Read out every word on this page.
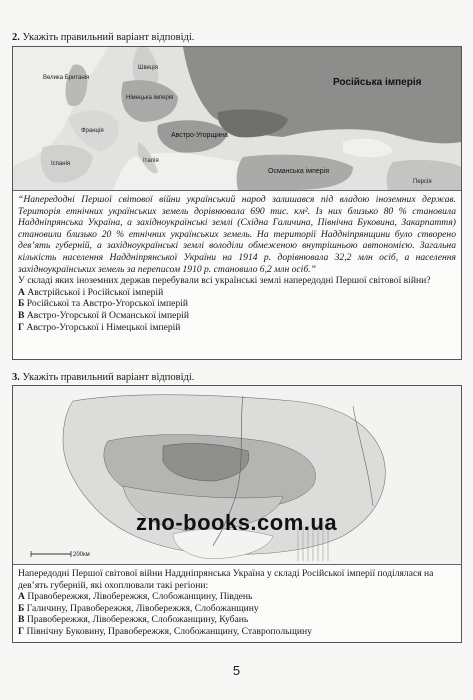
2. Укажіть правильний варіант відповіді.
Швеція
Німецька імперія
Велика Британія
Франція
Іспанія	Італія
Австро-Угорщина
Російська імперія
Османська імперія
Персія
“Напередодні Першої світової війни український народ залишався під владою іноземних держав. Територія етнічних українських земель дорівнювала 690 тис. км². Із них близько 80 % становила Наддніпрянська Україна, а західноукраїнські землі (Східна Галичина, Північна Буковина, Закарпаття) становили близько 20 % етнічних українських земель. На території Наддніпрянщини було створено дев’ять губерній, а західноукраїнські землі володіли обмеженою внутрішньою автономією. Загальна кількість населення Наддніпрянської України на 1914 р. дорівнювала 32,2 млн осіб, а населення західноукраїнських земель за переписом 1910 р. становило 6,2 млн осіб.”
У складі яких іноземних держав перебували всі українські землі напередодні Першої світової війни?
А Австрійської і Російської імперій
Б Російської та Австро-Угорської імперій
В Австро-Угорської й Османської імперій
Г Австро-Угорської і Німецької імперій
3. Укажіть правильний варіант відповіді.
200км
Напередодні Першої світової війни Наддніпрянська Україна у складі Російської імперії поділялася на дев’ять губерній, які охоплювали такі регіони:
А Правобережжя, Лівобережжя, Слобожанщину, Південь
Б Галичину, Правобережжя, Лівобережжя, Слобожанщину
В Правобережжя, Лівобережжя, Слобожанщину, Кубань
Г Північну Буковину, Правобережжя, Слобожанщину, Ставропольщину
zno-books.com.ua
5
